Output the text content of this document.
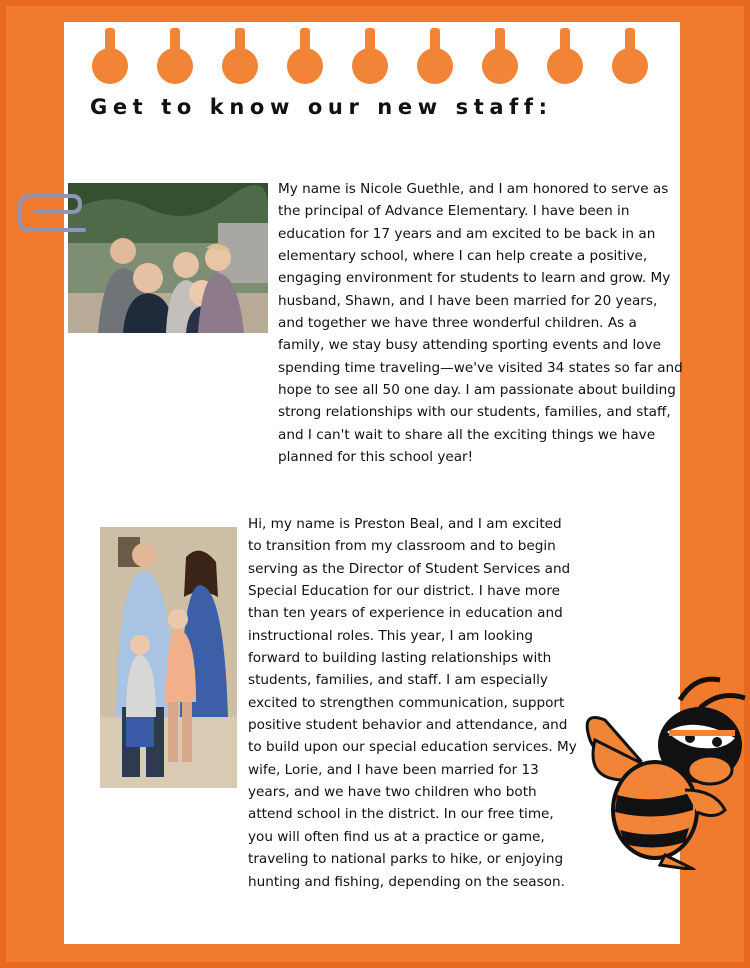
Get to know our new staff:

My name is Nicole Guethle, and I am honored to serve as the principal of Advance Elementary. I have been in education for 17 years and am excited to be back in an elementary school, where I can help create a positive, engaging environment for students to learn and grow. My husband, Shawn, and I have been married for 20 years, and together we have three wonderful children. As a family, we stay busy attending sporting events and love spending time traveling—we've visited 34 states so far and hope to see all 50 one day. I am passionate about building strong relationships with our students, families, and staff, and I can't wait to share all the exciting things we have planned for this school year!

Hi, my name is Preston Beal, and I am excited to transition from my classroom and to begin serving as the Director of Student Services and Special Education for our district. I have more than ten years of experience in education and instructional roles. This year, I am looking forward to building lasting relationships with students, families, and staff. I am especially excited to strengthen communication, support positive student behavior and attendance, and to build upon our special education services. My wife, Lorie, and I have been married for 13 years, and we have two children who both attend school in the district. In our free time, you will often find us at a practice or game, traveling to national parks to hike, or enjoying hunting and fishing, depending on the season.
